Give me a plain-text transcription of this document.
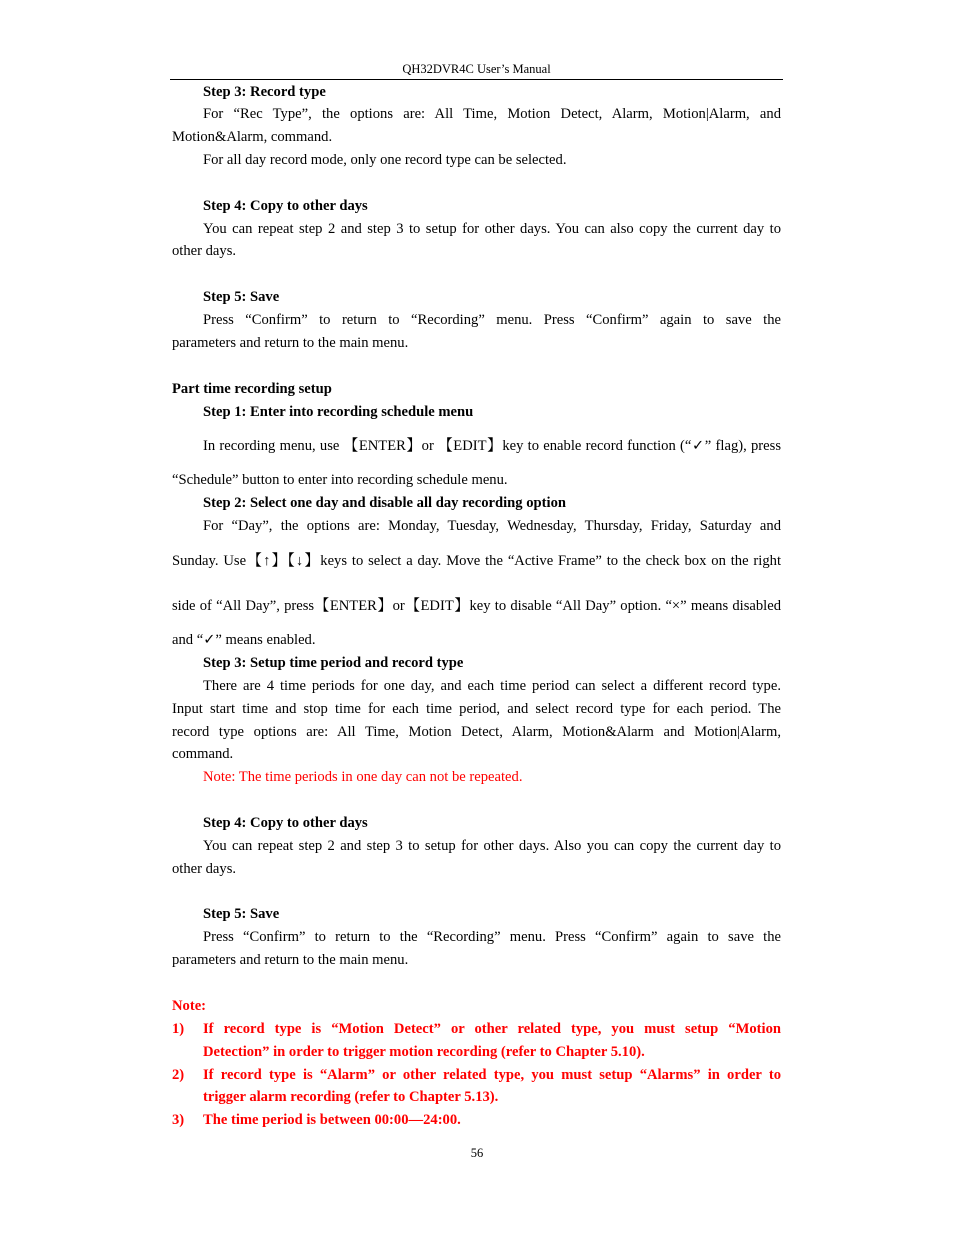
QH32DVR4C User’s Manual
Step 3: Record type
For “Rec Type”, the options are: All Time, Motion Detect, Alarm, Motion|Alarm, and
Motion&Alarm, command.
For all day record mode, only one record type can be selected.
Step 4: Copy to other days
You can repeat step 2 and step 3 to setup for other days. You can also copy the current day to
other days.
Step 5: Save
Press “Confirm” to return to “Recording” menu. Press “Confirm” again to save the
parameters and return to the main menu.
Part time recording setup
Step 1: Enter into recording schedule menu
In recording menu, use 【ENTER】or 【EDIT】key to enable record function (“✓” flag), press
“Schedule” button to enter into recording schedule menu.
Step 2: Select one day and disable all day recording option
For “Day”, the options are: Monday, Tuesday, Wednesday, Thursday, Friday, Saturday and
Sunday. Use【↑】【↓】keys to select a day. Move the “Active Frame” to the check box on the right
side of “All Day”, press【ENTER】or【EDIT】key to disable “All Day” option. “×” means disabled
and “✓” means enabled.
Step 3: Setup time period and record type
There are 4 time periods for one day, and each time period can select a different record type.
Input start time and stop time for each time period, and select record type for each period. The
record type options are: All Time, Motion Detect, Alarm, Motion&Alarm and Motion|Alarm,
command.
Note: The time periods in one day can not be repeated.
Step 4: Copy to other days
You can repeat step 2 and step 3 to setup for other days. Also you can copy the current day to
other days.
Step 5: Save
Press “Confirm” to return to the “Recording” menu. Press “Confirm” again to save the
parameters and return to the main menu.
Note:
1) If record type is “Motion Detect” or other related type, you must setup “Motion
Detection” in order to trigger motion recording (refer to Chapter 5.10).
2) If record type is “Alarm” or other related type, you must setup “Alarms” in order to
trigger alarm recording (refer to Chapter 5.13).
3) The time period is between 00:00—24:00.
56
